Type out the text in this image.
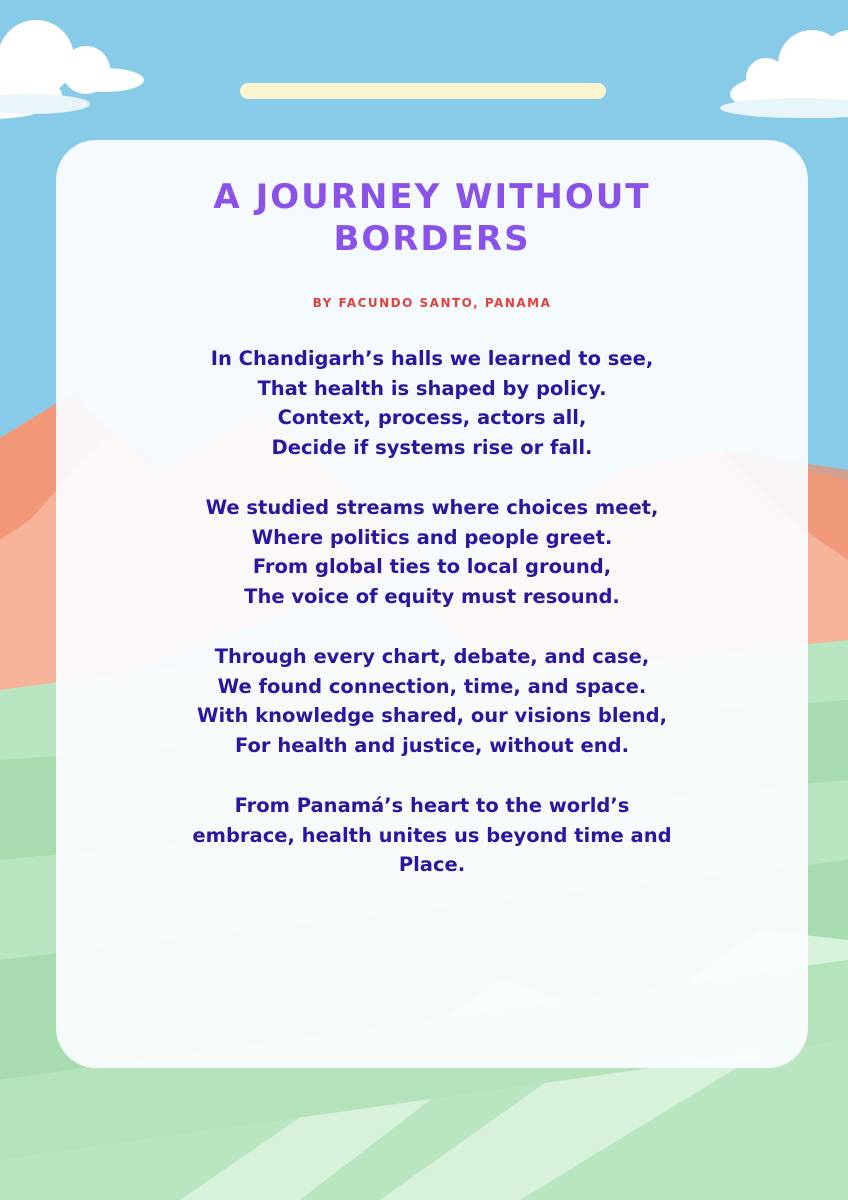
A JOURNEY WITHOUT
BORDERS
BY FACUNDO SANTO, PANAMA
In Chandigarh’s halls we learned to see,
That health is shaped by policy.
Context, process, actors all,
Decide if systems rise or fall.
We studied streams where choices meet,
Where politics and people greet.
From global ties to local ground,
The voice of equity must resound.
Through every chart, debate, and case,
We found connection, time, and space.
With knowledge shared, our visions blend,
For health and justice, without end.
From Panamá’s heart to the world’s
embrace, health unites us beyond time and
Place.
